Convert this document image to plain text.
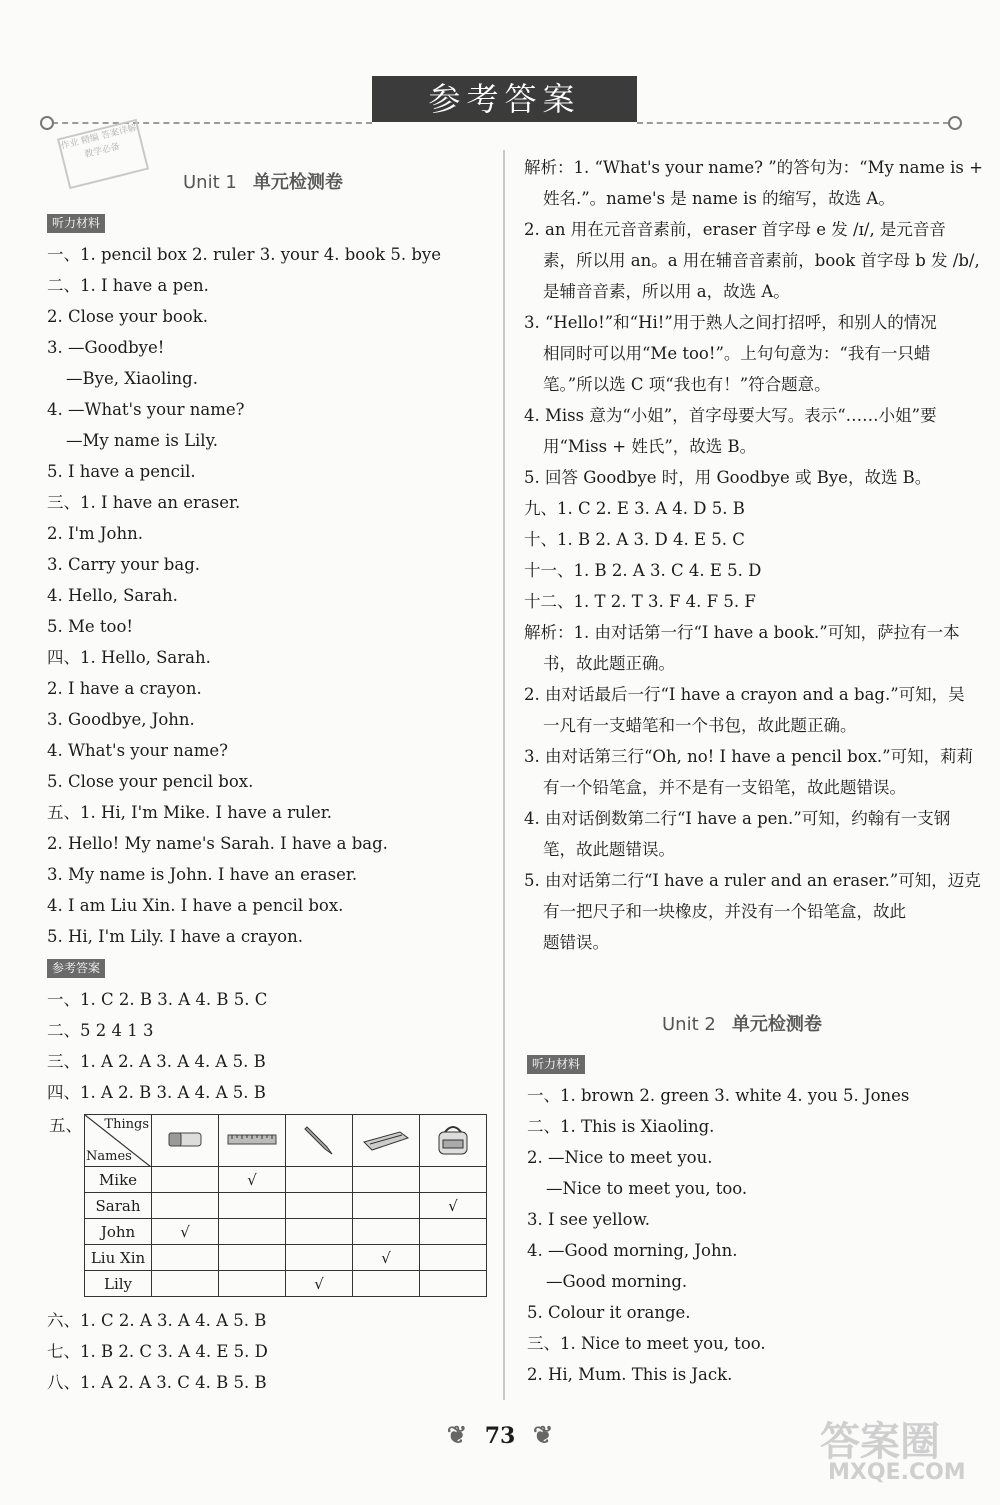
参考答案
作业 精编 答案详解 教学必备
Unit 1 单元检测卷
听力材料
一、1. pencil box 2. ruler 3. your 4. book 5. bye
二、1. I have a pen.
2. Close your book.
3. —Goodbye!
—Bye, Xiaoling.
4. —What's your name?
—My name is Lily.
5. I have a pencil.
三、1. I have an eraser.
2. I'm John.
3. Carry your bag.
4. Hello, Sarah.
5. Me too!
四、1. Hello, Sarah.
2. I have a crayon.
3. Goodbye, John.
4. What's your name?
5. Close your pencil box.
五、1. Hi, I'm Mike. I have a ruler.
2. Hello! My name's Sarah. I have a bag.
3. My name is John. I have an eraser.
4. I am Liu Xin. I have a pencil box.
5. Hi, I'm Lily. I have a crayon.
参考答案
一、1. C 2. B 3. A 4. B 5. C
二、5 2 4 1 3
三、1. A 2. A 3. A 4. A 5. B
四、1. A 2. B 3. A 4. A 5. B
五、 Things
Names

Mike		√			
Sarah					√
John	√				
Liu Xin				√	
Lily			√		
六、1. C 2. A 3. A 4. A 5. B
七、1. B 2. C 3. A 4. E 5. D
八、1. A 2. A 3. C 4. B 5. B
解析：1. “What's your name? ”的答句为：“My name is +
姓名.”。name's 是 name is 的缩写，故选 A。
2. an 用在元音音素前，eraser 首字母 e 发 /ɪ/, 是元音音
素，所以用 an。a 用在辅音音素前，book 首字母 b 发 /b/,
是辅音音素，所以用 a，故选 A。
3. “Hello!”和“Hi!”用于熟人之间打招呼，和别人的情况
相同时可以用“Me too!”。上句句意为：“我有一只蜡
笔。”所以选 C 项“我也有！”符合题意。
4. Miss 意为“小姐”，首字母要大写。表示“……小姐”要
用“Miss + 姓氏”，故选 B。
5. 回答 Goodbye 时，用 Goodbye 或 Bye，故选 B。
九、1. C 2. E 3. A 4. D 5. B
十、1. B 2. A 3. D 4. E 5. C
十一、1. B 2. A 3. C 4. E 5. D
十二、1. T 2. T 3. F 4. F 5. F
解析：1. 由对话第一行“I have a book.”可知，萨拉有一本
书，故此题正确。
2. 由对话最后一行“I have a crayon and a bag.”可知，吴
一凡有一支蜡笔和一个书包，故此题正确。
3. 由对话第三行“Oh, no! I have a pencil box.”可知，莉莉
有一个铅笔盒，并不是有一支铅笔，故此题错误。
4. 由对话倒数第二行“I have a pen.”可知，约翰有一支钢
笔，故此题错误。
5. 由对话第二行“I have a ruler and an eraser.”可知，迈克
有一把尺子和一块橡皮，并没有一个铅笔盒，故此
题错误。
Unit 2 单元检测卷
听力材料
一、1. brown 2. green 3. white 4. you 5. Jones
二、1. This is Xiaoling.
2. —Nice to meet you.
—Nice to meet you, too.
3. I see yellow.
4. —Good morning, John.
—Good morning.
5. Colour it orange.
三、1. Nice to meet you, too.
2. Hi, Mum. This is Jack.
❦ 73 ❦	答案圈
MXQE.COM
